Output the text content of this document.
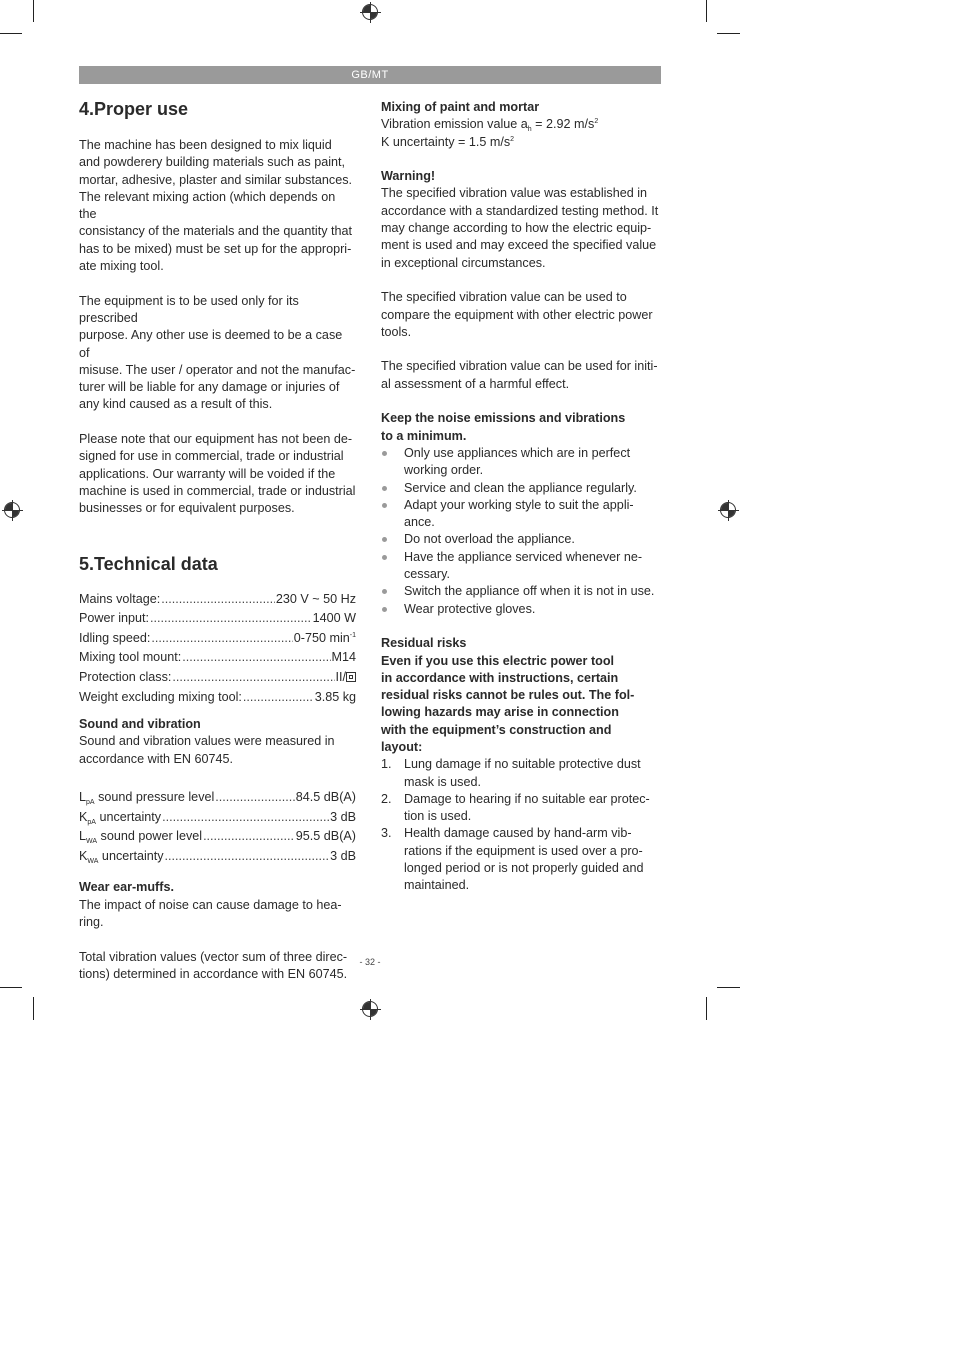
GB/MT
4.Proper use

The machine has been designed to mix liquid
and powderery building materials such as paint,
mortar, adhesive, plaster and similar substances.
The relevant mixing action (which depends on the
consistancy of the materials and the quantity that
has to be mixed) must be set up for the appropri-
ate mixing tool.

The equipment is to be used only for its prescribed
purpose. Any other use is deemed to be a case of
misuse. The user / operator and not the manufac-
turer will be liable for any damage or injuries of
any kind caused as a result of this.

Please note that our equipment has not been de-
signed for use in commercial, trade or industrial
applications. Our warranty will be voided if the
machine is used in commercial, trade or industrial
businesses or for equivalent purposes.

5.Technical data
Mains voltage: .....	230 V ~ 50 Hz
Power input: .....	1400 W
Idling speed: .....	0-750 $\min^{-1}$
Mixing tool mount: .....	M14
Protection class: .....	II/
Weight excluding mixing tool: .....	3.85 kg

Sound and vibration

Sound and vibration values were measured in
accordance with EN 60745.

$L_{pA}$ sound pressure level .....	84.5 dB(A)
$K_{pA}$ uncertainty .....	3 dB
$L_{WA}$ sound power level .....	95.5 dB(A)
$K_{WA}$ uncertainty .....	3 dB

Wear ear-muffs.

The impact of noise can cause damage to hea-
ring.

Total vibration values (vector sum of three direc-
tions) determined in accordance with EN 60745.

Mixing of paint and mortar

Vibration emission value $a_h = 2.92$ $m/s^2$

K uncertainty = 1.5 $m/s^2$

Warning!

The specified vibration value was established in
accordance with a standardized testing method. It
may change according to how the electric equip-
ment is used and may exceed the specified value
in exceptional circumstances.

The specified vibration value can be used to
compare the equipment with other electric power
tools.

The specified vibration value can be used for initi-
al assessment of a harmful effect.

Keep the noise emissions and vibrations
to a minimum.

Only use appliances which are in perfect
working order.
Service and clean the appliance regularly.
Adapt your working style to suit the appli-
ance.
Do not overload the appliance.
Have the appliance serviced whenever ne-
cessary.
Switch the appliance off when it is not in use.
Wear protective gloves.

Residual risks

Even if you use this electric power tool
in accordance with instructions, certain
residual risks cannot be rules out. The fol-
lowing hazards may arise in connection
with the equipment’s construction and
layout:

1. Lung damage if no suitable protective dust
mask is used.
2. Damage to hearing if no suitable ear protec-
tion is used.
3. Health damage caused by hand-arm vib-
rations if the equipment is used over a pro-
longed period or is not properly guided and
maintained.
- 32 -
